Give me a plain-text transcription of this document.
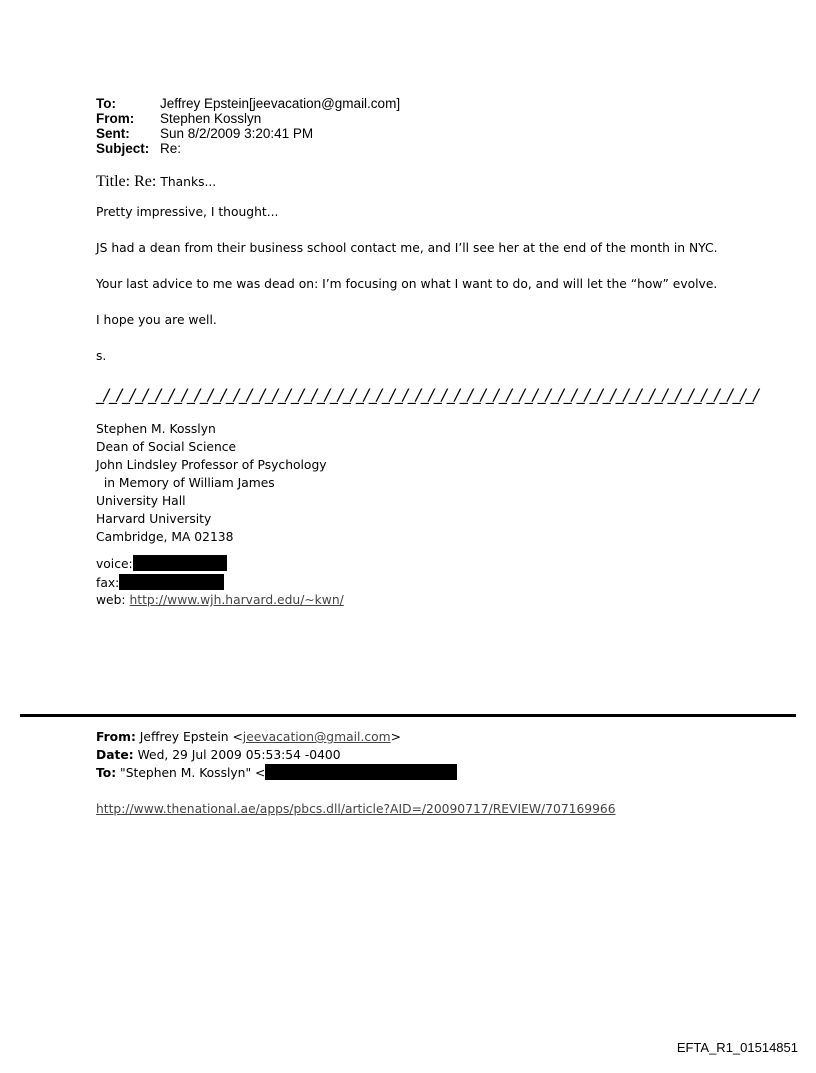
To:	Jeffrey Epstein[jeevacation@gmail.com]
From:	Stephen Kosslyn
Sent:	Sun 8/2/2009 3:20:41 PM
Subject: Re:
Title: Re: Thanks...

Pretty impressive, I thought...

JS had a dean from their business school contact me, and I’ll see her at the end of the month in NYC.

Your last advice to me was dead on: I’m focusing on what I want to do, and will let the “how” evolve.

I hope you are well.

s.

_/_/_/_/_/_/_/_/_/_/_/_/_/_/_/_/_/_/_/_/_/_/_/_/_/_/_/_/_/_/_/_/_/_/_/_/_/_/_/_/_/_/_/_/_/_/_/_/_/_/_/
Stephen M. Kosslyn
Dean of Social Science
John Lindsley Professor of Psychology
in Memory of William James
University Hall
Harvard University
Cambridge, MA 02138
voice:
fax:
web: http://www.wjh.harvard.edu/~kwn/
From: Jeffrey Epstein <jeevacation@gmail.com>
Date: Wed, 29 Jul 2009 05:53:54 -0400
To: "Stephen M. Kosslyn" <
http://www.thenational.ae/apps/pbcs.dll/article?AID=/20090717/REVIEW/707169966
EFTA_R1_01514851
